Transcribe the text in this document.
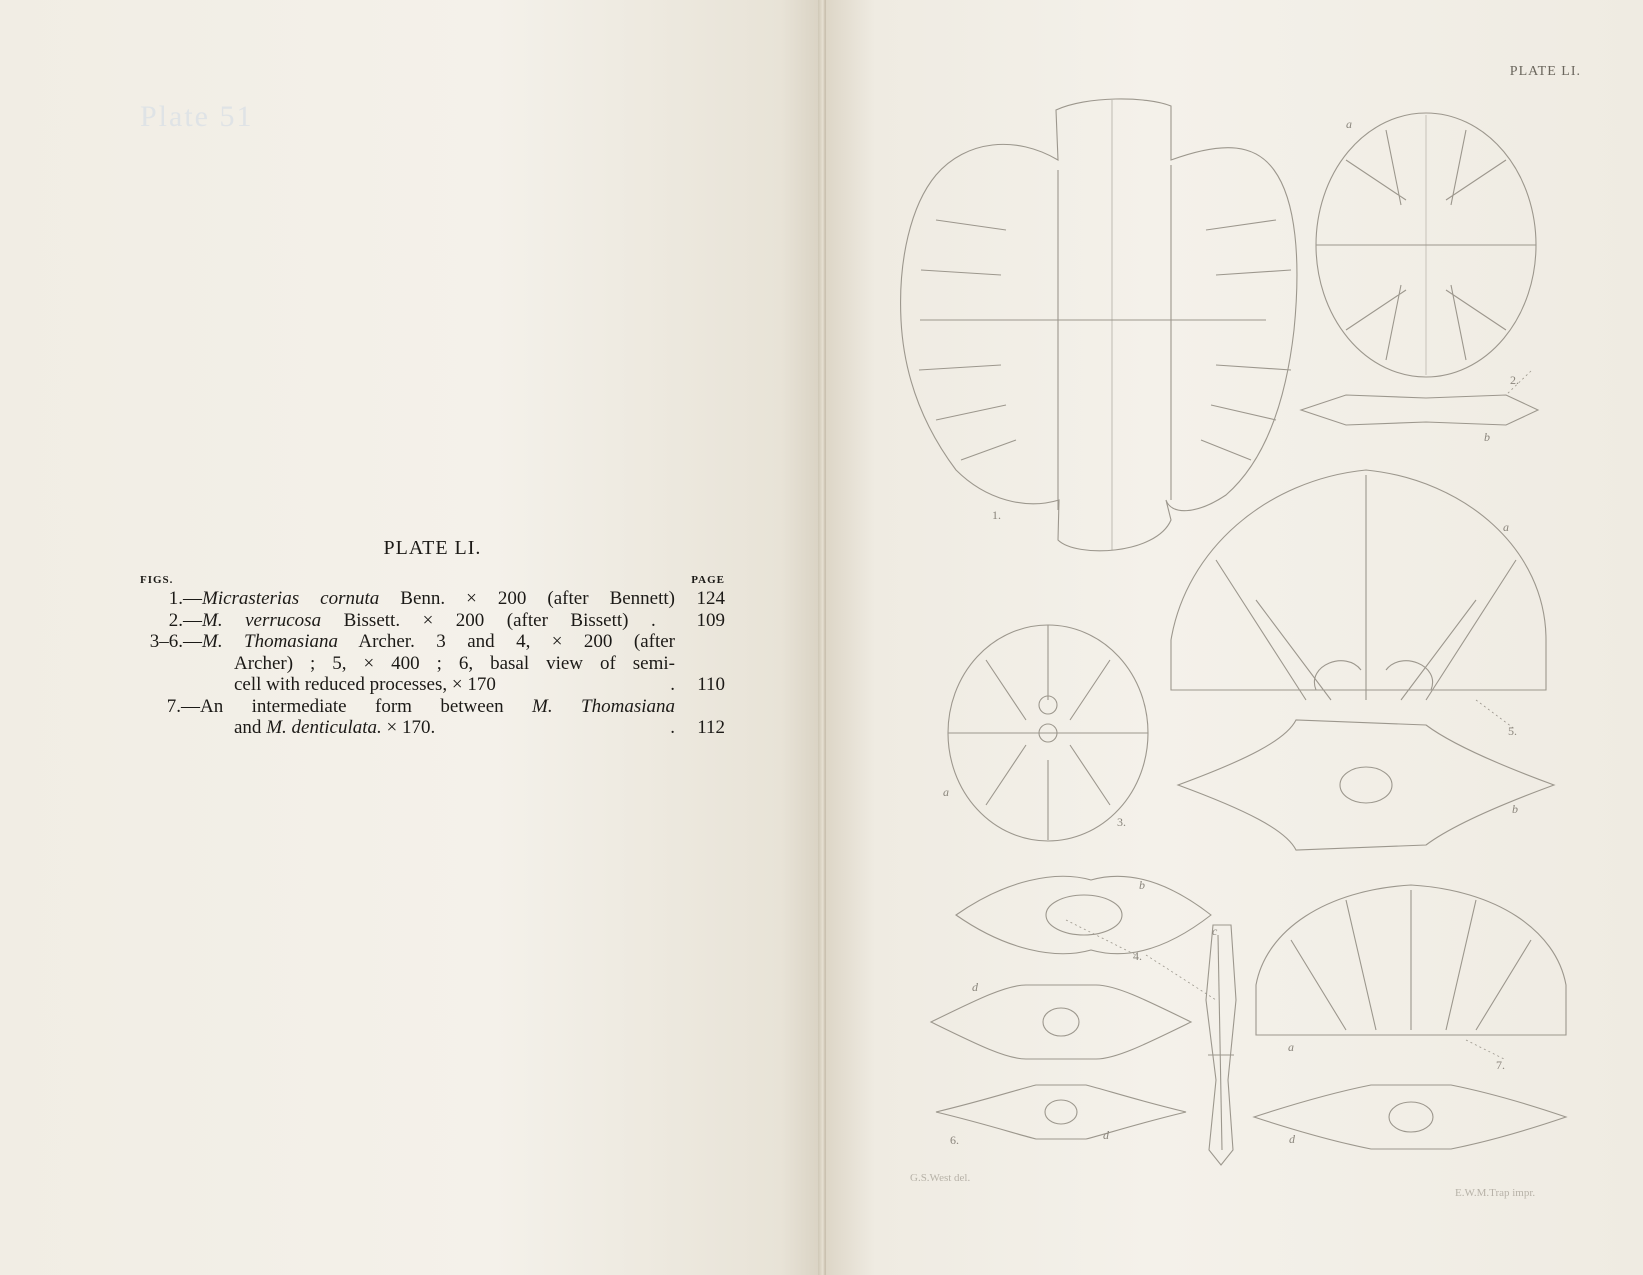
Plate 51
PLATE LI.
FIGS.	PAGE
1.— Micrasterias cornuta Benn. × 200 (after Bennett)	124
2.— M. verrucosa Bissett. × 200 (after Bissett) .	109
3–6.— M. Thomasiana Archer. 3 and 4, × 200 (after
Archer) ; 5, × 400 ; 6, basal view of semi-
cell with reduced processes, × 170	.	110
7.— An intermediate form between M. Thomasiana
and M. denticulata. × 170.	.	112
PLATE LI.
1.
2.
a
b
a
5.
b
a
3.
b
c
4.
d
6.	d
a
7.
d
G.S.West del.
E.W.M.Trap impr.
